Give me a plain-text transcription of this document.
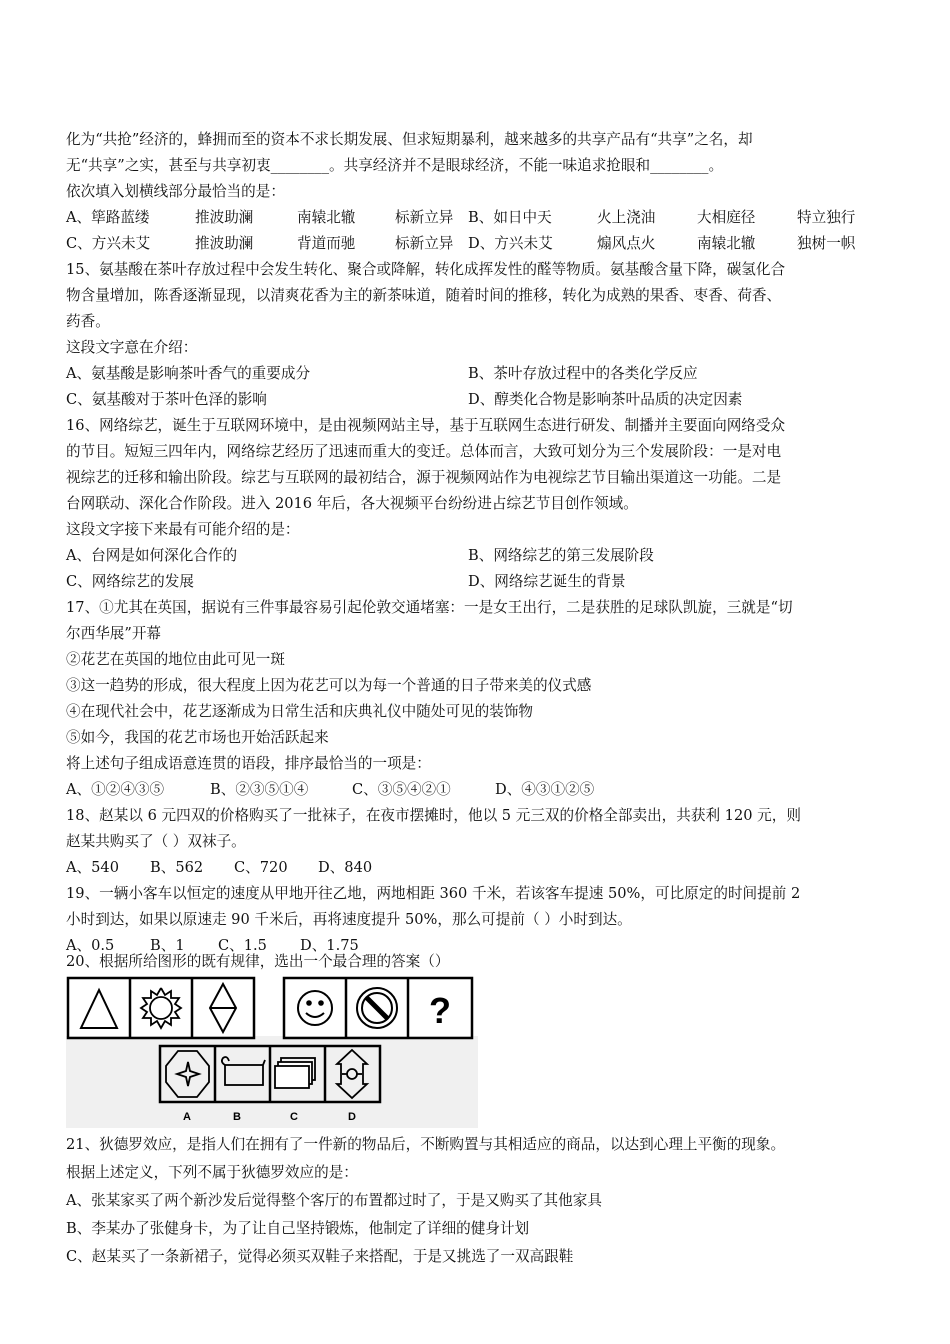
化为“共抢”经济的，蜂拥而至的资本不求长期发展、但求短期暴利，越来越多的共享产品有“共享”之名，却
无“共享”之实，甚至与共享初衷________。共享经济并不是眼球经济，不能一味追求抢眼和________。
依次填入划横线部分最恰当的是：
A、筚路蓝缕	推波助澜	南辕北辙	标新立异 B、如日中天	火上浇油	大相庭径	特立独行
C、方兴未艾	推波助澜	背道而驰	标新立异 D、方兴未艾	煽风点火	南辕北辙	独树一帜
15、氨基酸在茶叶存放过程中会发生转化、聚合或降解，转化成挥发性的醛等物质。氨基酸含量下降，碳氢化合
物含量增加，陈香逐渐显现，以清爽花香为主的新茶味道，随着时间的推移，转化为成熟的果香、枣香、荷香、
药香。
这段文字意在介绍：
A、氨基酸是影响茶叶香气的重要成分	B、茶叶存放过程中的各类化学反应
C、氨基酸对于茶叶色泽的影响	D、醇类化合物是影响茶叶品质的决定因素
16、网络综艺，诞生于互联网环境中，是由视频网站主导，基于互联网生态进行研发、制播并主要面向网络受众
的节目。短短三四年内，网络综艺经历了迅速而重大的变迁。总体而言，大致可划分为三个发展阶段：一是对电
视综艺的迁移和输出阶段。综艺与互联网的最初结合，源于视频网站作为电视综艺节目输出渠道这一功能。二是
台网联动、深化合作阶段。进入 2016 年后，各大视频平台纷纷进占综艺节目创作领域。
这段文字接下来最有可能介绍的是：
A、台网是如何深化合作的	B、网络综艺的第三发展阶段
C、网络综艺的发展	D、网络综艺诞生的背景
17、①尤其在英国，据说有三件事最容易引起伦敦交通堵塞：一是女王出行，二是获胜的足球队凯旋，三就是“切
尔西华展”开幕
②花艺在英国的地位由此可见一斑
③这一趋势的形成，很大程度上因为花艺可以为每一个普通的日子带来美的仪式感
④在现代社会中，花艺逐渐成为日常生活和庆典礼仪中随处可见的装饰物
⑤如今，我国的花艺市场也开始活跃起来
将上述句子组成语意连贯的语段，排序最恰当的一项是：
A、①②④③⑤	B、②③⑤①④	C、③⑤④②①	D、④③①②⑤
18、赵某以 6 元四双的价格购买了一批袜子，在夜市摆摊时，他以 5 元三双的价格全部卖出，共获利 120 元，则
赵某共购买了（ ）双袜子。
A、540 B、562 C、720 D、840
19、一辆小客车以恒定的速度从甲地开往乙地，两地相距 360 千米，若该客车提速 50%，可比原定的时间提前 2
小时到达，如果以原速走 90 千米后，再将速度提升 50%，那么可提前（ ）小时到达。
A、0.5 B、1 C、1.5 D、1.75
20、根据所给图形的既有规律，选出一个最合理的答案（）
?
A	B	C	D
21、狄德罗效应，是指人们在拥有了一件新的物品后，不断购置与其相适应的商品，以达到心理上平衡的现象。
根据上述定义，下列不属于狄德罗效应的是：
A、张某家买了两个新沙发后觉得整个客厅的布置都过时了，于是又购买了其他家具
B、李某办了张健身卡，为了让自己坚持锻炼，他制定了详细的健身计划
C、赵某买了一条新裙子，觉得必须买双鞋子来搭配，于是又挑选了一双高跟鞋
